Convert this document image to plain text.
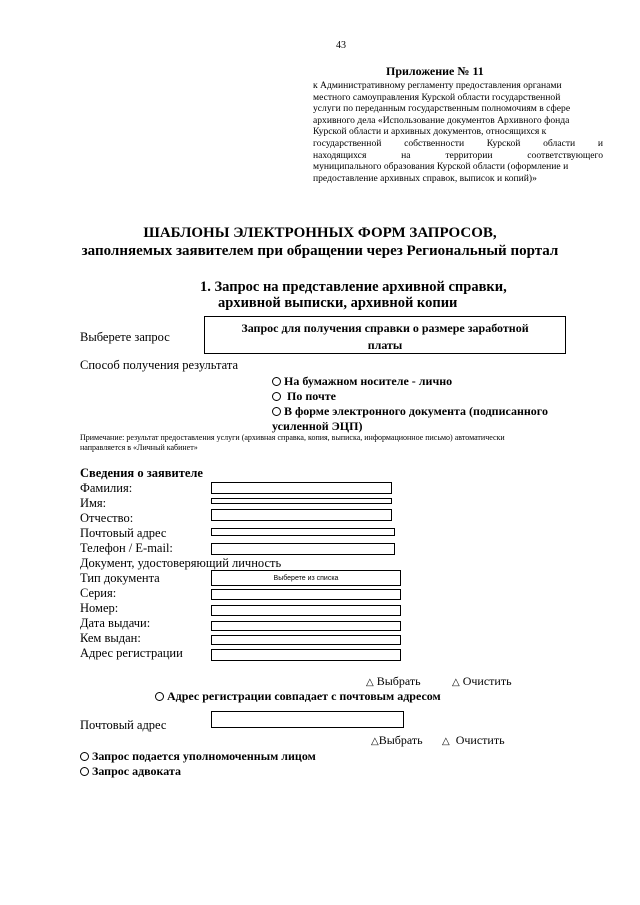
43
Приложение № 11
к Административному регламенту предоставления органами
местного самоуправления Курской области государственной
услуги по переданным государственным полномочиям в сфере
архивного дела «Использование документов Архивного фонда
Курской области и архивных документов, относящихся к
государственной собственности Курской области и
находящихся на территории соответствующего
муниципального образования Курской области (оформление и
предоставление архивных справок, выписок и копий)»
ШАБЛОНЫ ЭЛЕКТРОННЫХ ФОРМ ЗАПРОСОВ,
заполняемых заявителем при обращении через Региональный портал
1. Запрос на представление архивной справки,
архивной выписки, архивной копии
Выберете запрос
Запрос для получения справки о размере заработной
платы
Способ получения результата
На бумажном носителе - лично
По почте
В форме электронного документа (подписанного
усиленной ЭЦП)
Примечание: результат предоставления услуги (архивная справка, копия, выписка, информационное письмо) автоматически
направляется в «Личный кабинет»
Сведения о заявителе
Фамилия:
Имя:
Отчество:
Почтовый адрес
Телефон / E-mail:
Документ, удостоверяющий личность
Тип документа	Выберете из списка
Серия:
Номер:
Дата выдачи:
Кем выдан:
Адрес регистрации
△ Выбрать	△ Очистить
Адрес регистрации совпадает с почтовым адресом
Почтовый адрес
△Выбрать △ Очистить
Запрос подается уполномоченным лицом
Запрос адвоката
